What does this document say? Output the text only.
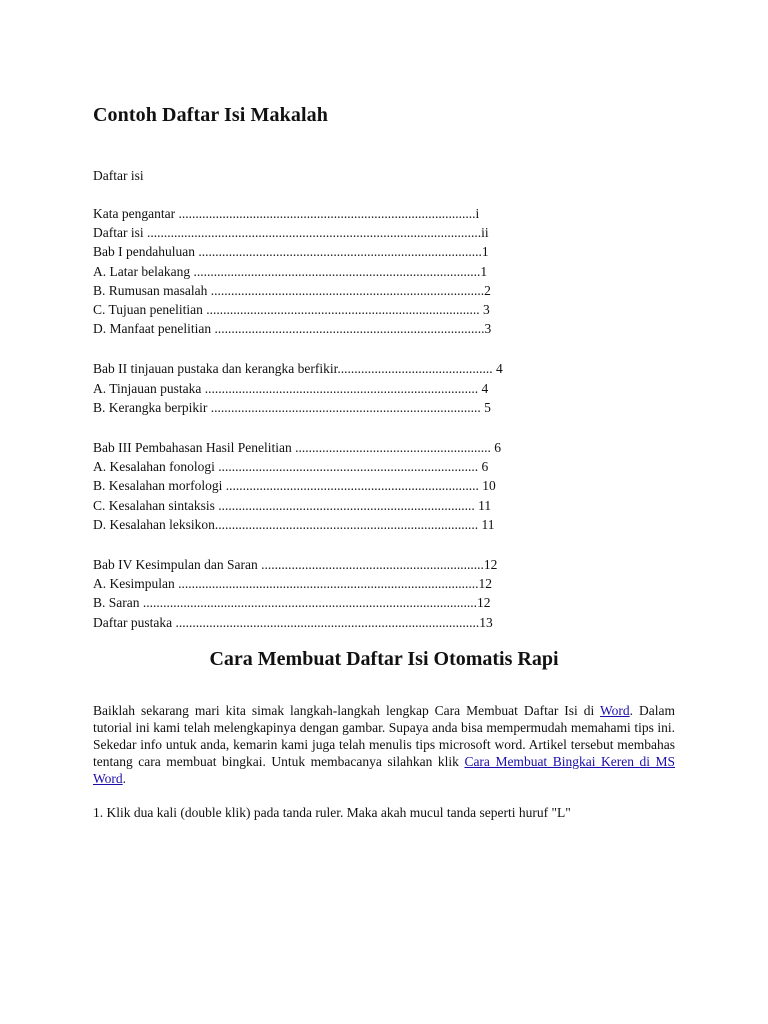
Contoh Daftar Isi Makalah
Daftar isi
Kata pengantar ........................................................................................i
Daftar isi ...................................................................................................ii
Bab I pendahuluan ....................................................................................1
A. Latar belakang .....................................................................................1
B. Rumusan masalah .................................................................................2
C. Tujuan penelitian ................................................................................. 3
D. Manfaat penelitian ................................................................................3
Bab II tinjauan pustaka dan kerangka berfikir.............................................. 4
A. Tinjauan pustaka ................................................................................. 4
B. Kerangka berpikir ................................................................................ 5
Bab III Pembahasan Hasil Penelitian .......................................................... 6
A. Kesalahan fonologi ............................................................................. 6
B. Kesalahan morfologi ........................................................................... 10
C. Kesalahan sintaksis ............................................................................ 11
D. Kesalahan leksikon.............................................................................. 11
Bab IV Kesimpulan dan Saran ..................................................................12
A. Kesimpulan .........................................................................................12
B. Saran ...................................................................................................12
Daftar pustaka ..........................................................................................13
Cara Membuat Daftar Isi Otomatis Rapi

Baiklah sekarang mari kita simak langkah-langkah lengkap Cara Membuat Daftar Isi di Word. Dalam tutorial ini kami telah melengkapinya dengan gambar. Supaya anda bisa mempermudah memahami tips ini. Sekedar info untuk anda, kemarin kami juga telah menulis tips microsoft word. Artikel tersebut membahas tentang cara membuat bingkai. Untuk membacanya silahkan klik Cara Membuat Bingkai Keren di MS Word.

1. Klik dua kali (double klik) pada tanda ruler. Maka akah mucul tanda seperti huruf "L"
